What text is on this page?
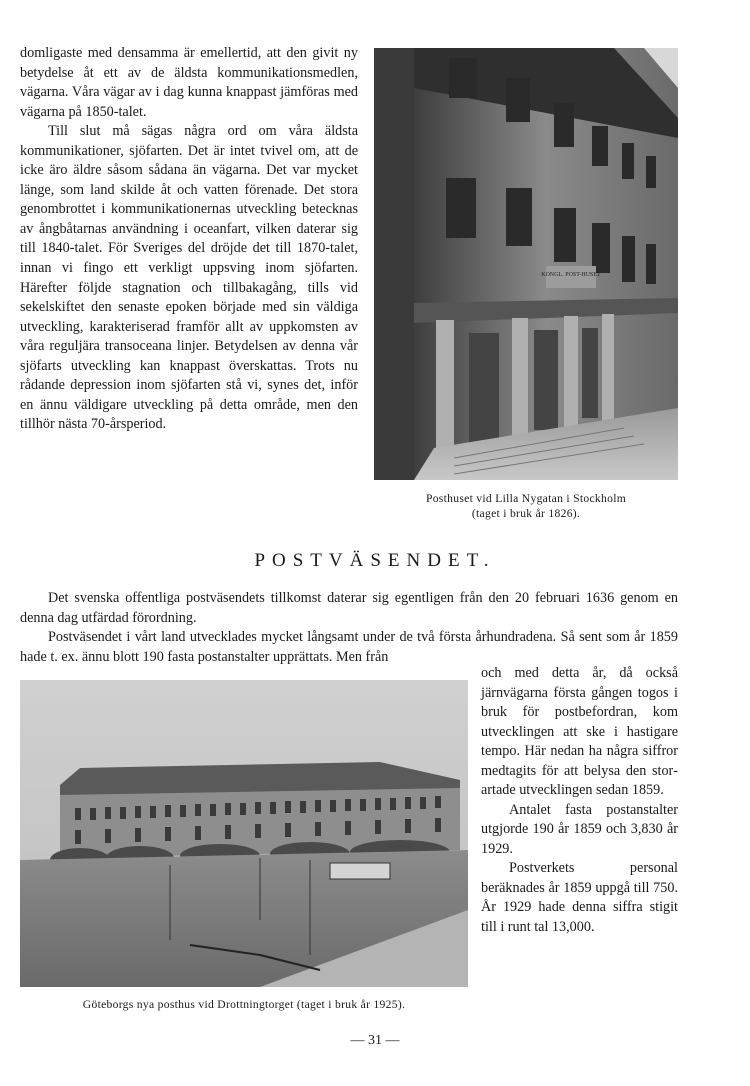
domligaste med densamma är emellertid, att den givit ny betydelse åt ett av de äldsta kommunikationsmedlen, vägarna. Våra vägar av i dag kunna knappast jämföras med vägarna på 1850-talet.

Till slut må sägas några ord om våra äldsta kommunikationer, sjöfarten. Det är intet tvivel om, att de icke äro äldre såsom sådana än vägarna. Det var mycket länge, som land skilde åt och vatten förenade. Det stora genombrottet i kommunikationernas utveckling betecknas av ångbåtarnas användning i oceanfart, vilken daterar sig till 1840-talet. För Sveriges del dröjde det till 1870-talet, innan vi fingo ett verkligt uppsving inom sjöfarten. Härefter följde stagnation och tillbakagång, tills vid sekelskiftet den senaste epoken började med sin väldiga utveckling, karakteriserad framför allt av uppkomsten av våra reguljära transoceana linjer. Betydelsen av denna vår sjöfarts utveckling kan knappast överskattas. Trots nu rådande depression inom sjöfarten stå vi, synes det, inför en ännu väldigare utveckling på detta område, men den tillhör nästa 70-årsperiod.

KONGL. POST-HUSET
Posthuset vid Lilla Nygatan i Stockholm
(taget i bruk år 1826).
POSTVÄSENDET.

Det svenska offentliga postväsendets tillkomst daterar sig egentligen från den 20 februari 1636 genom en denna dag utfärdad förordning.

Postväsendet i vårt land utvecklades mycket långsamt under de två första århundradena. Så sent som år 1859 hade t. ex. ännu blott 190 fasta postanstalter upprättats. Men från

Göteborgs nya posthus vid Drottningtorget (taget i bruk år 1925).

och med detta år, då också järnvägarna första gången togos i bruk för postbefordran, kom utvecklingen att ske i hastigare tempo. Här nedan ha några siffror medtagits för att belysa den storartade utvecklingen sedan 1859.

Antalet fasta postanstalter utgjorde 190 år 1859 och 3,830 år 1929.

Postverkets personal beräknades år 1859 uppgå till 750. År 1929 hade denna siffra stigit till i runt tal 13,000.

— 31 —
